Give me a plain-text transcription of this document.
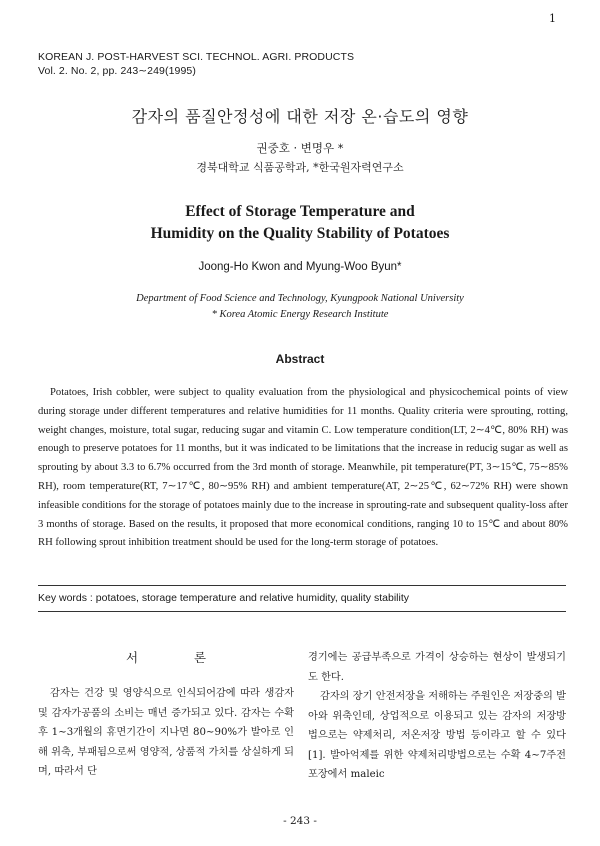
1
KOREAN J. POST-HARVEST SCI. TECHNOL. AGRI. PRODUCTS
Vol. 2. No. 2, pp. 243∼249(1995)
감자의 품질안정성에 대한 저장 온·습도의 영향
권중호 · 변명우 *
경북대학교 식품공학과, *한국원자력연구소
Effect of Storage Temperature and
Humidity on the Quality Stability of Potatoes
Joong-Ho Kwon and Myung-Woo Byun*
Department of Food Science and Technology, Kyungpook National University
* Korea Atomic Energy Research Institute
Abstract
Potatoes, Irish cobbler, were subject to quality evaluation from the physiological and physicochemical points of view during storage under different temperatures and relative humidities for 11 months. Quality criteria were sprouting, rotting, weight changes, moisture, total sugar, reducing sugar and vitamin C. Low temperature condition(LT, 2∼4℃, 80% RH) was enough to preserve potatoes for 11 months, but it was indicated to be limitations that the increase in reducig sugar as well as sprouting by about 3.3 to 6.7% occurred from the 3rd month of storage. Meanwhile, pit temperature(PT, 3∼15℃, 75∼85% RH), room temperature(RT, 7∼17℃, 80∼95% RH) and ambient temperature(AT, 2∼25℃, 62∼72% RH) were shown infeasible conditions for the storage of potatoes mainly due to the increase in sprouting-rate and subsequent quality-loss after 3 months of storage. Based on the results, it proposed that more economical conditions, ranging 10 to 15℃ and about 80% RH following sprout inhibition treatment should be used for the long-term storage of potatoes.
Key words : potatoes, storage temperature and relative humidity, quality stability
서 론

감자는 건강 및 영양식으로 인식되어감에 따라 생감자 및 감자가공품의 소비는 매년 증가되고 있다. 감자는 수확후 1∼3개월의 휴면기간이 지나면 80∼90%가 발아로 인해 위축, 부패됨으로써 영양적, 상품적 가치를 상실하게 되며, 따라서 단

경기에는 공급부족으로 가격이 상승하는 현상이 발생되기도 한다.

감자의 장기 안전저장을 저해하는 주원인은 저장중의 발아와 위축인데, 상업적으로 이용되고 있는 감자의 저장방법으로는 약제처리, 저온저장 방법 등이라고 할 수 있다[1]. 발아억제를 위한 약제처리방법으로는 수확 4∼7주전 포장에서 maleic

- 243 -
